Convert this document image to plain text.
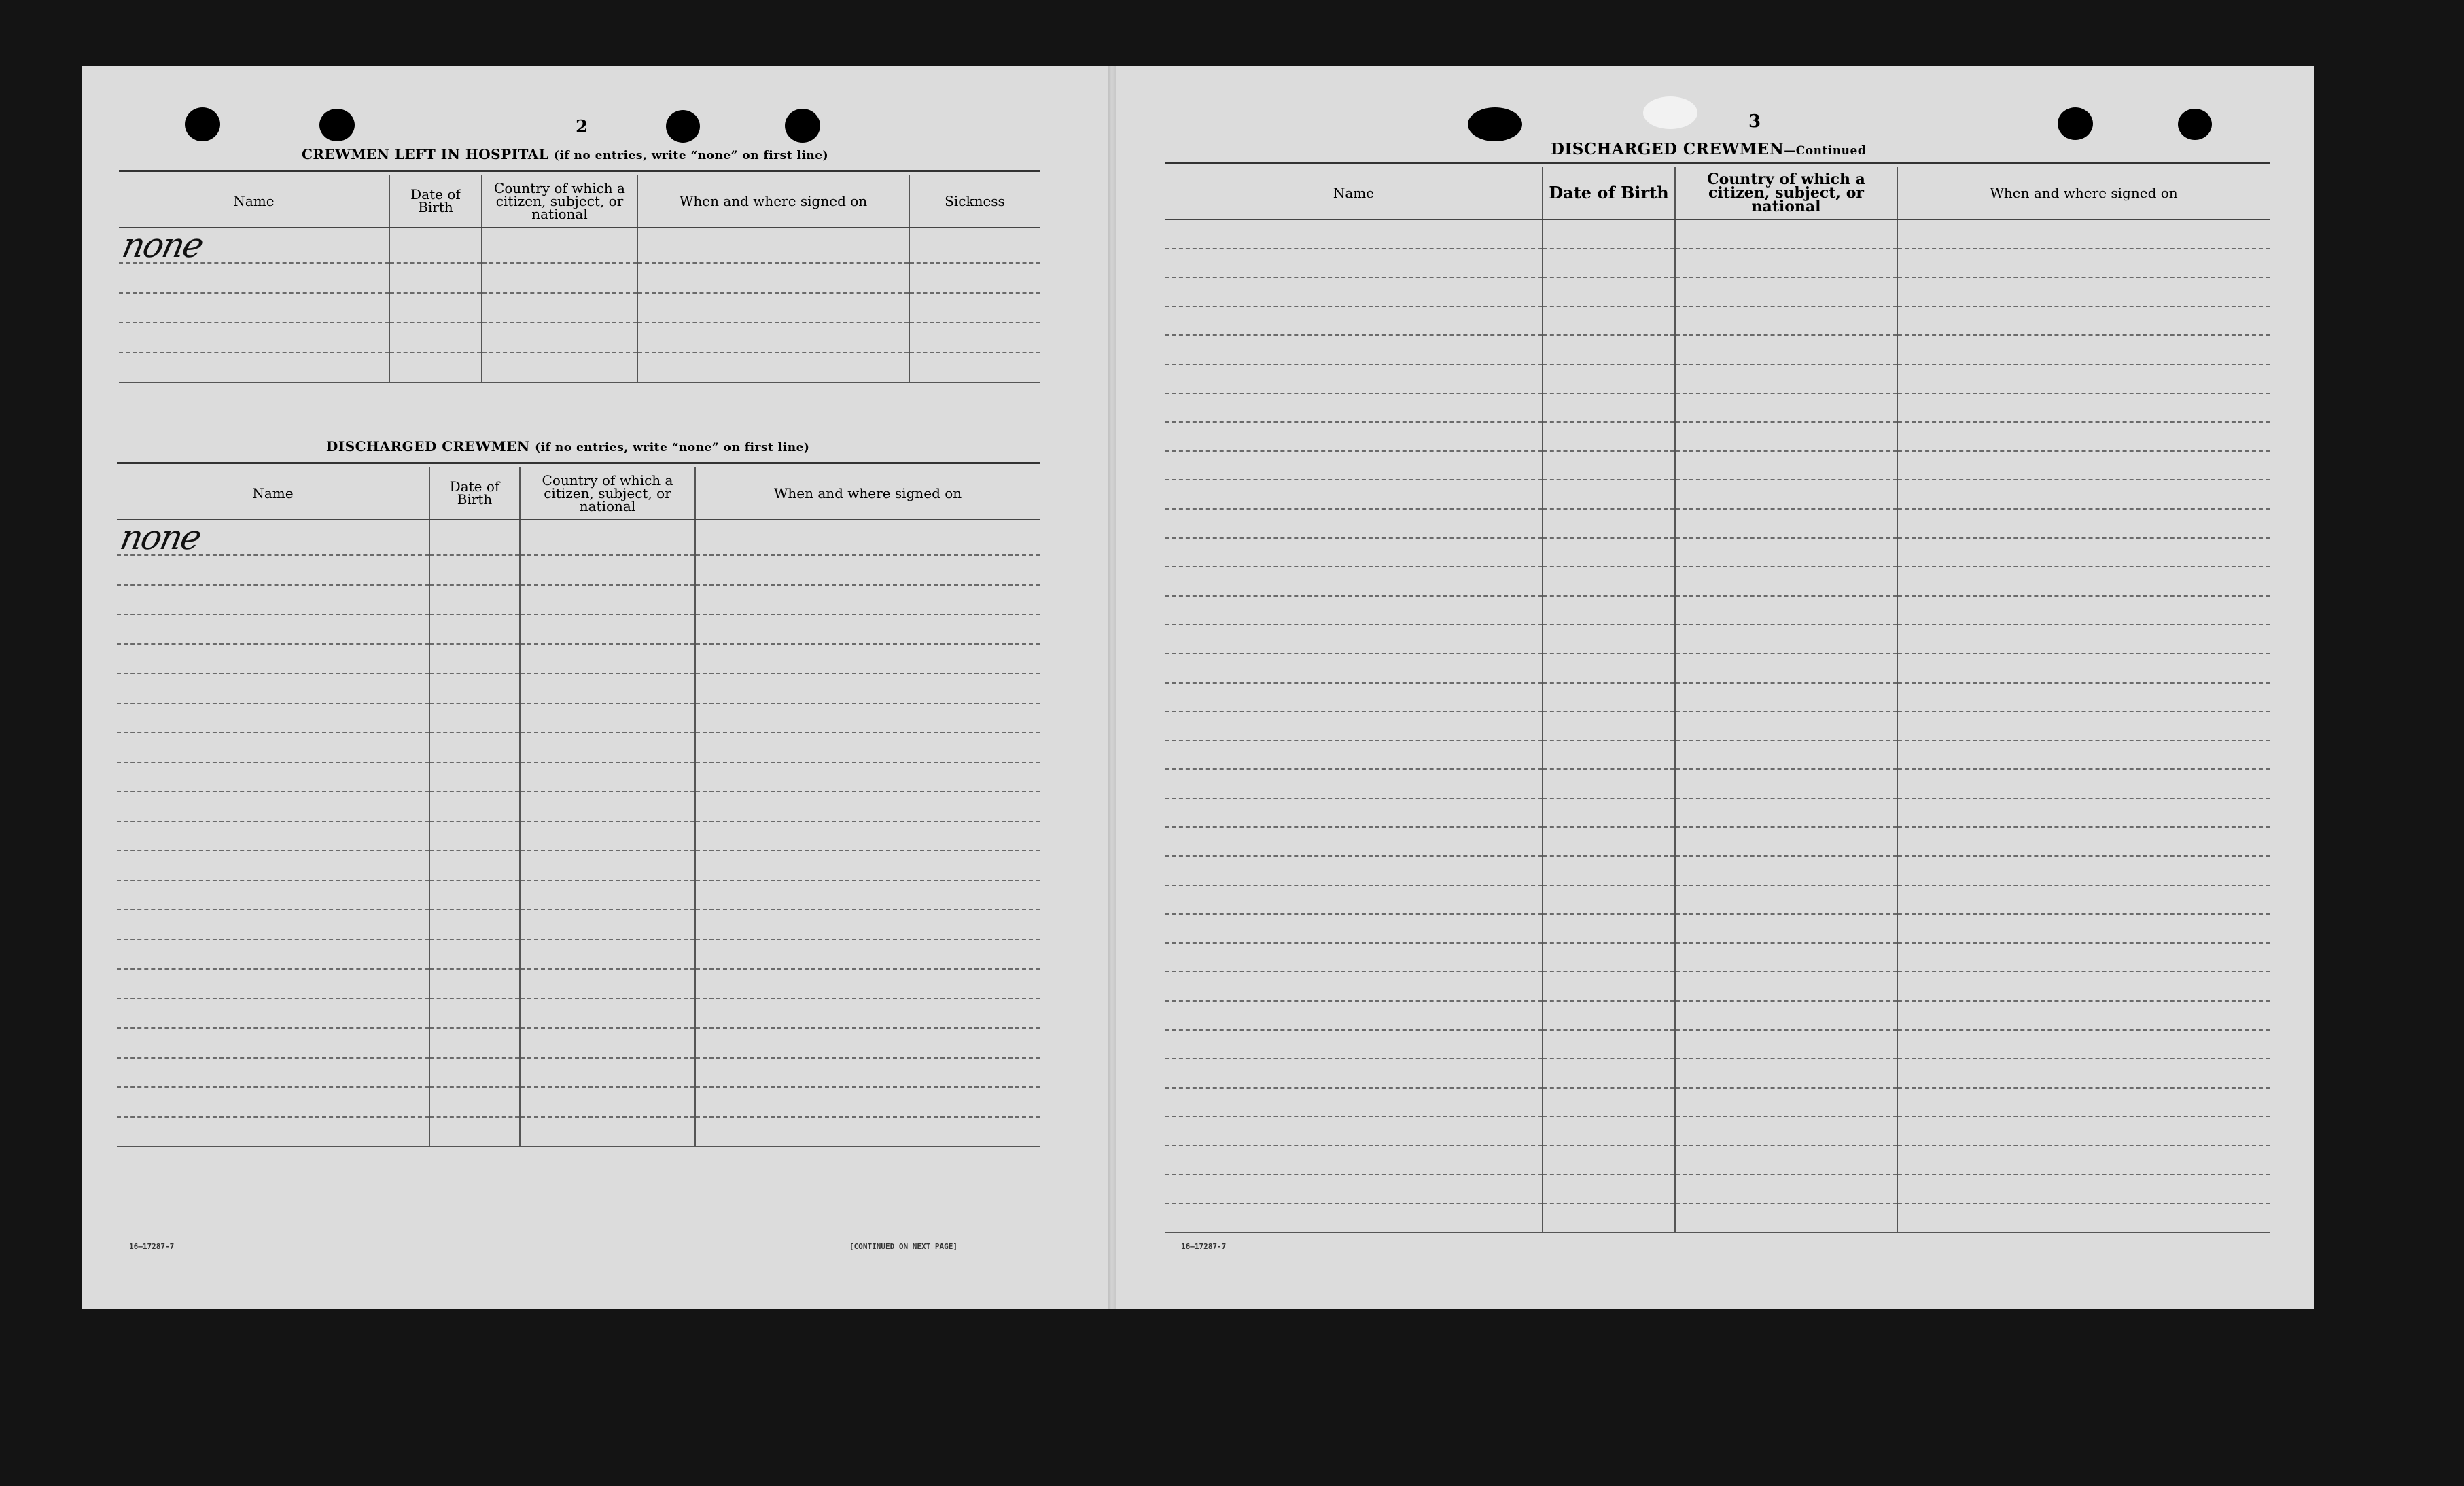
2
CREWMEN LEFT IN HOSPITAL (if no entries, write “none” on first line)
Name	Date of Birth	Country of which a citizen, subject, or national	When and where signed on	Sickness
none				

DISCHARGED CREWMEN (if no entries, write “none” on first line)
Name	Date of Birth	Country of which a citizen, subject, or national	When and where signed on
none			

16—17287-7	[CONTINUED ON NEXT PAGE]
3
DISCHARGED CREWMEN—Continued
Name	Date of Birth	Country of which a citizen, subject, or national	When and where signed on

16—17287-7
